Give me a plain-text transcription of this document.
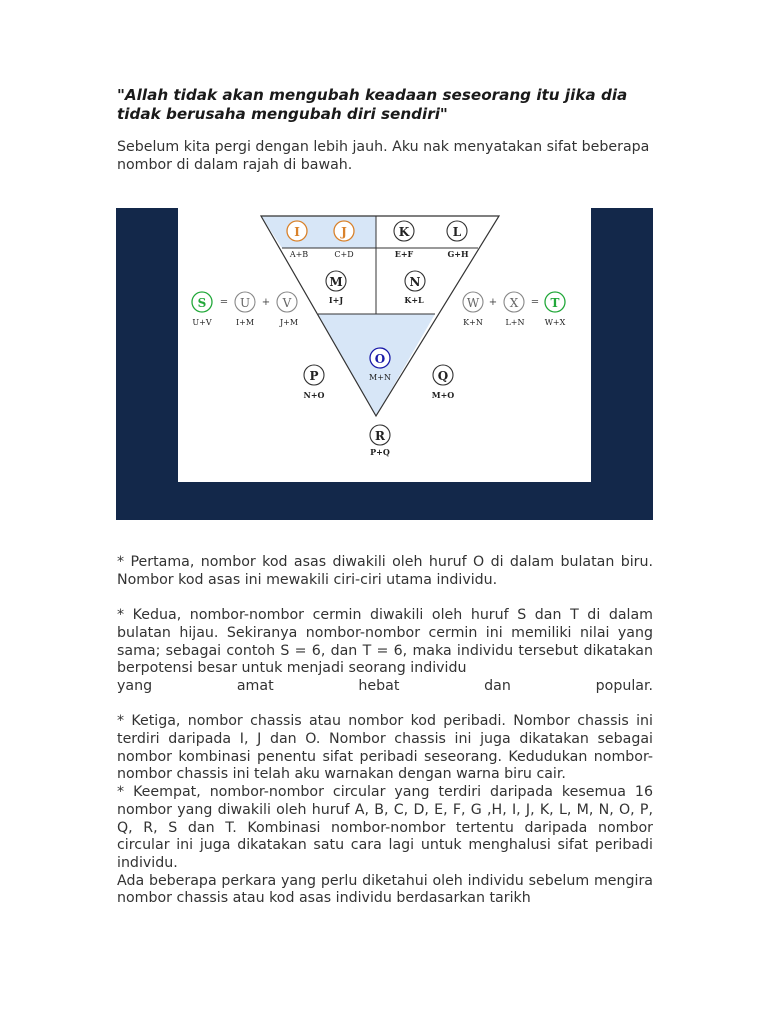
"Allah tidak akan mengubah keadaan seseorang itu jika dia tidak berusaha mengubah diri sendiri"

Sebelum kita pergi dengan lebih jauh. Aku nak menyatakan sifat beberapa nombor di dalam rajah di bawah.

I
A+B
J
C+D
K
E+F
L
G+H
M
I+J
N
K+L
S
U+V
= U
I+M
+ V
J+M
W
K+N
+ X
L+N
= T
W+X
O
M+N
P
N+O
Q
M+O
R
P+Q

* Pertama, nombor kod asas diwakili oleh huruf O di dalam bulatan biru. Nombor kod asas ini mewakili ciri-ciri utama individu.

* Kedua, nombor-nombor cermin diwakili oleh huruf S dan T di dalam bulatan hijau. Sekiranya nombor-nombor cermin ini memiliki nilai yang sama; sebagai contoh S = 6, dan T = 6, maka individu tersebut dikatakan berpotensi besar untuk menjadi seorang individu

yang amat hebat dan popular.

* Ketiga, nombor chassis atau nombor kod peribadi. Nombor chassis ini terdiri daripada I, J dan O. Nombor chassis ini juga dikatakan sebagai nombor kombinasi penentu sifat peribadi seseorang. Kedudukan nombor-nombor chassis ini telah aku warnakan dengan warna biru cair.

* Keempat, nombor-nombor circular yang terdiri daripada kesemua 16 nombor yang diwakili oleh huruf A, B, C, D, E, F, G ,H, I, J, K, L, M, N, O, P, Q, R, S dan T. Kombinasi nombor-nombor tertentu daripada nombor circular ini juga dikatakan satu cara lagi untuk menghalusi sifat peribadi individu.

Ada beberapa perkara yang perlu diketahui oleh individu sebelum mengira nombor chassis atau kod asas individu berdasarkan tarikh
